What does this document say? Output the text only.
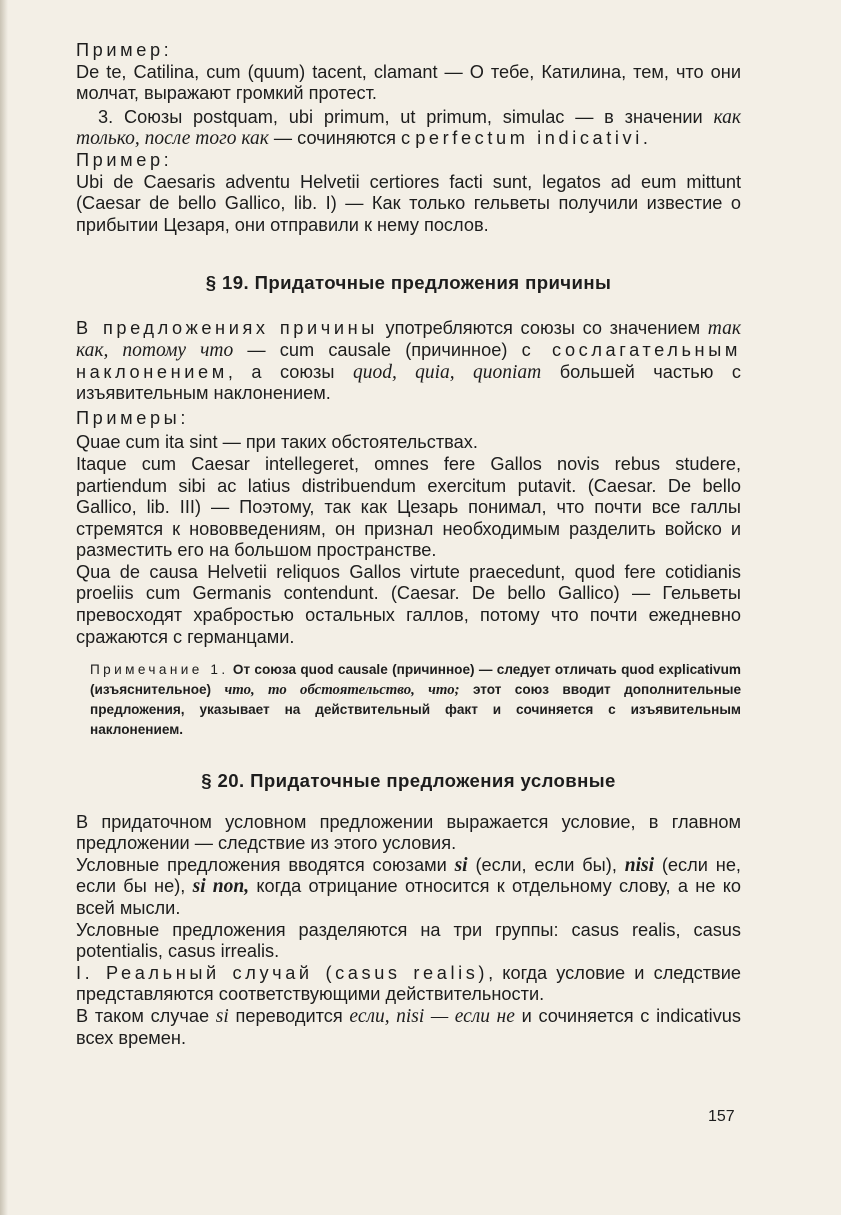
Пример:

De te, Catilina, cum (quum) tacent, clamant — О тебе, Катилина, тем, что они молчат, выражают громкий протест.

3. Союзы postquam, ubi primum, ut primum, simulac — в значении как только, после того как — сочиняются с perfectum indicativi.

Пример:

Ubi de Caesaris adventu Helvetii certiores facti sunt, legatos ad eum mittunt (Caesar de bello Gallico, lib. I) — Как только гельветы получили известие о прибытии Цезаря, они отправили к нему послов.

§ 19. Придаточные предложения причины

В предложениях причины употребляются союзы со значением так как, потому что — cum causale (причинное) с сослагательным наклонением, а союзы quod, quia, quoniam большей частью с изъявительным наклонением.

Примеры:

Quae cum ita sint — при таких обстоятельствах.

Itaque cum Caesar intellegeret, omnes fere Gallos novis rebus studere, partiendum sibi ac latius distribuendum exercitum putavit. (Caesar. De bello Gallico, lib. III) — Поэтому, так как Цезарь понимал, что почти все галлы стремятся к нововведениям, он признал необходимым разделить войско и разместить его на большом пространстве.

Qua de causa Helvetii reliquos Gallos virtute praecedunt, quod fere cotidianis proeliis cum Germanis contendunt. (Caesar. De bello Gallico) — Гельветы превосходят храбростью остальных галлов, потому что почти ежедневно сражаются с германцами.

Примечание 1. От союза quod causale (причинное) — следует отличать quod explicativum (изъяснительное) что, то обстоятельство, что; этот союз вводит дополнительные предложения, указывает на действительный факт и сочиняется с изъявительным наклонением.

§ 20. Придаточные предложения условные

В придаточном условном предложении выражается условие, в главном предложении — следствие из этого условия.

Условные предложения вводятся союзами si (если, если бы), nisi (если не, если бы не), si non, когда отрицание относится к отдельному слову, а не ко всей мысли.

Условные предложения разделяются на три группы: casus realis, casus potentialis, casus irrealis.

I. Реальный случай (casus realis), когда условие и следствие представляются соответствующими действительности.

В таком случае si переводится если, nisi — если не и сочиняется с indicativus всех времен.

157
